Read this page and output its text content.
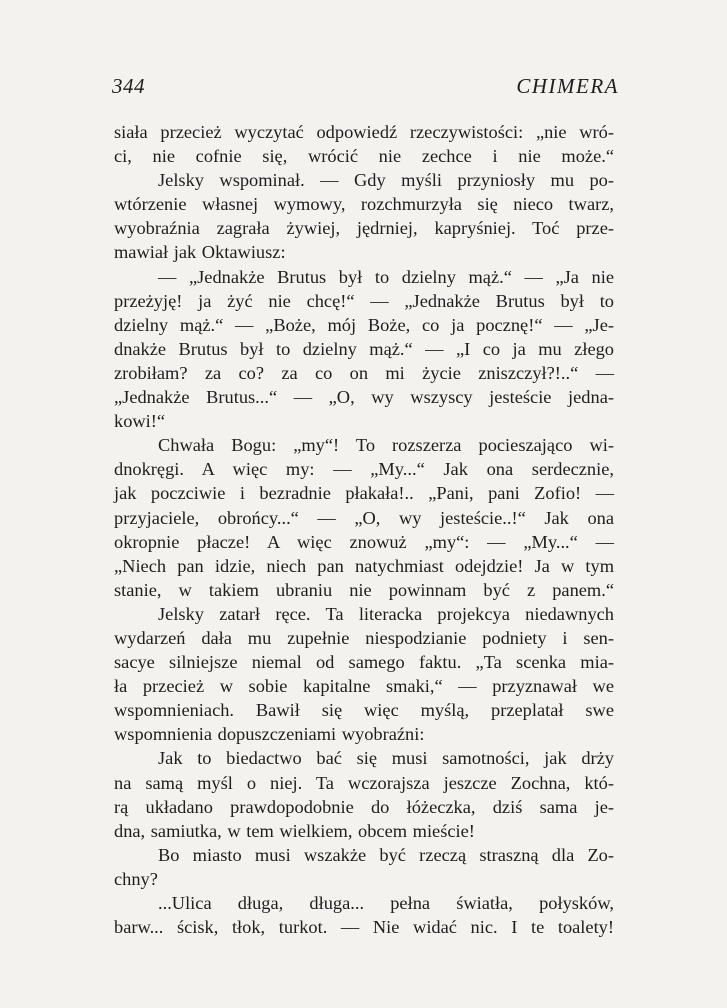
344	CHIMERA
siała przecież wyczytać odpowiedź rzeczywistości: „nie wró-
ci, nie cofnie się, wrócić nie zechce i nie może.“
Jelsky wspominał. — Gdy myśli przyniosły mu po-
wtórzenie własnej wymowy, rozchmurzyła się nieco twarz,
wyobraźnia zagrała żywiej, jędrniej, kapryśniej. Toć prze-
mawiał jak Oktawiusz:
— „Jednakże Brutus był to dzielny mąż.“ — „Ja nie
przeżyję! ja żyć nie chcę!“ — „Jednakże Brutus był to
dzielny mąż.“ — „Boże, mój Boże, co ja pocznę!“ — „Je-
dnakże Brutus był to dzielny mąż.“ — „I co ja mu złego
zrobiłam? za co? za co on mi życie zniszczył?!..“ —
„Jednakże Brutus...“ — „O, wy wszyscy jesteście jedna-
kowi!“
Chwała Bogu: „my“! To rozszerza pocieszająco wi-
dnokręgi. A więc my: — „My...“ Jak ona serdecznie,
jak poczciwie i bezradnie płakała!.. „Pani, pani Zofio! —
przyjaciele, obrońcy...“ — „O, wy jesteście..!“ Jak ona
okropnie płacze! A więc znowuż „my“: — „My...“ —
„Niech pan idzie, niech pan natychmiast odejdzie! Ja w tym
stanie, w takiem ubraniu nie powinnam być z panem.“
Jelsky zatarł ręce. Ta literacka projekcya niedawnych
wydarzeń dała mu zupełnie niespodzianie podniety i sen-
sacye silniejsze niemal od samego faktu. „Ta scenka mia-
ła przecież w sobie kapitalne smaki,“ — przyznawał we
wspomnieniach. Bawił się więc myślą, przeplatał swe
wspomnienia dopuszczeniami wyobraźni:
Jak to biedactwo bać się musi samotności, jak drży
na samą myśl o niej. Ta wczorajsza jeszcze Zochna, któ-
rą układano prawdopodobnie do łóżeczka, dziś sama je-
dna, samiutka, w tem wielkiem, obcem mieście!
Bo miasto musi wszakże być rzeczą straszną dla Zo-
chny?
...Ulica długa, długa... pełna światła, połysków,
barw... ścisk, tłok, turkot. — Nie widać nic. I te toalety!
